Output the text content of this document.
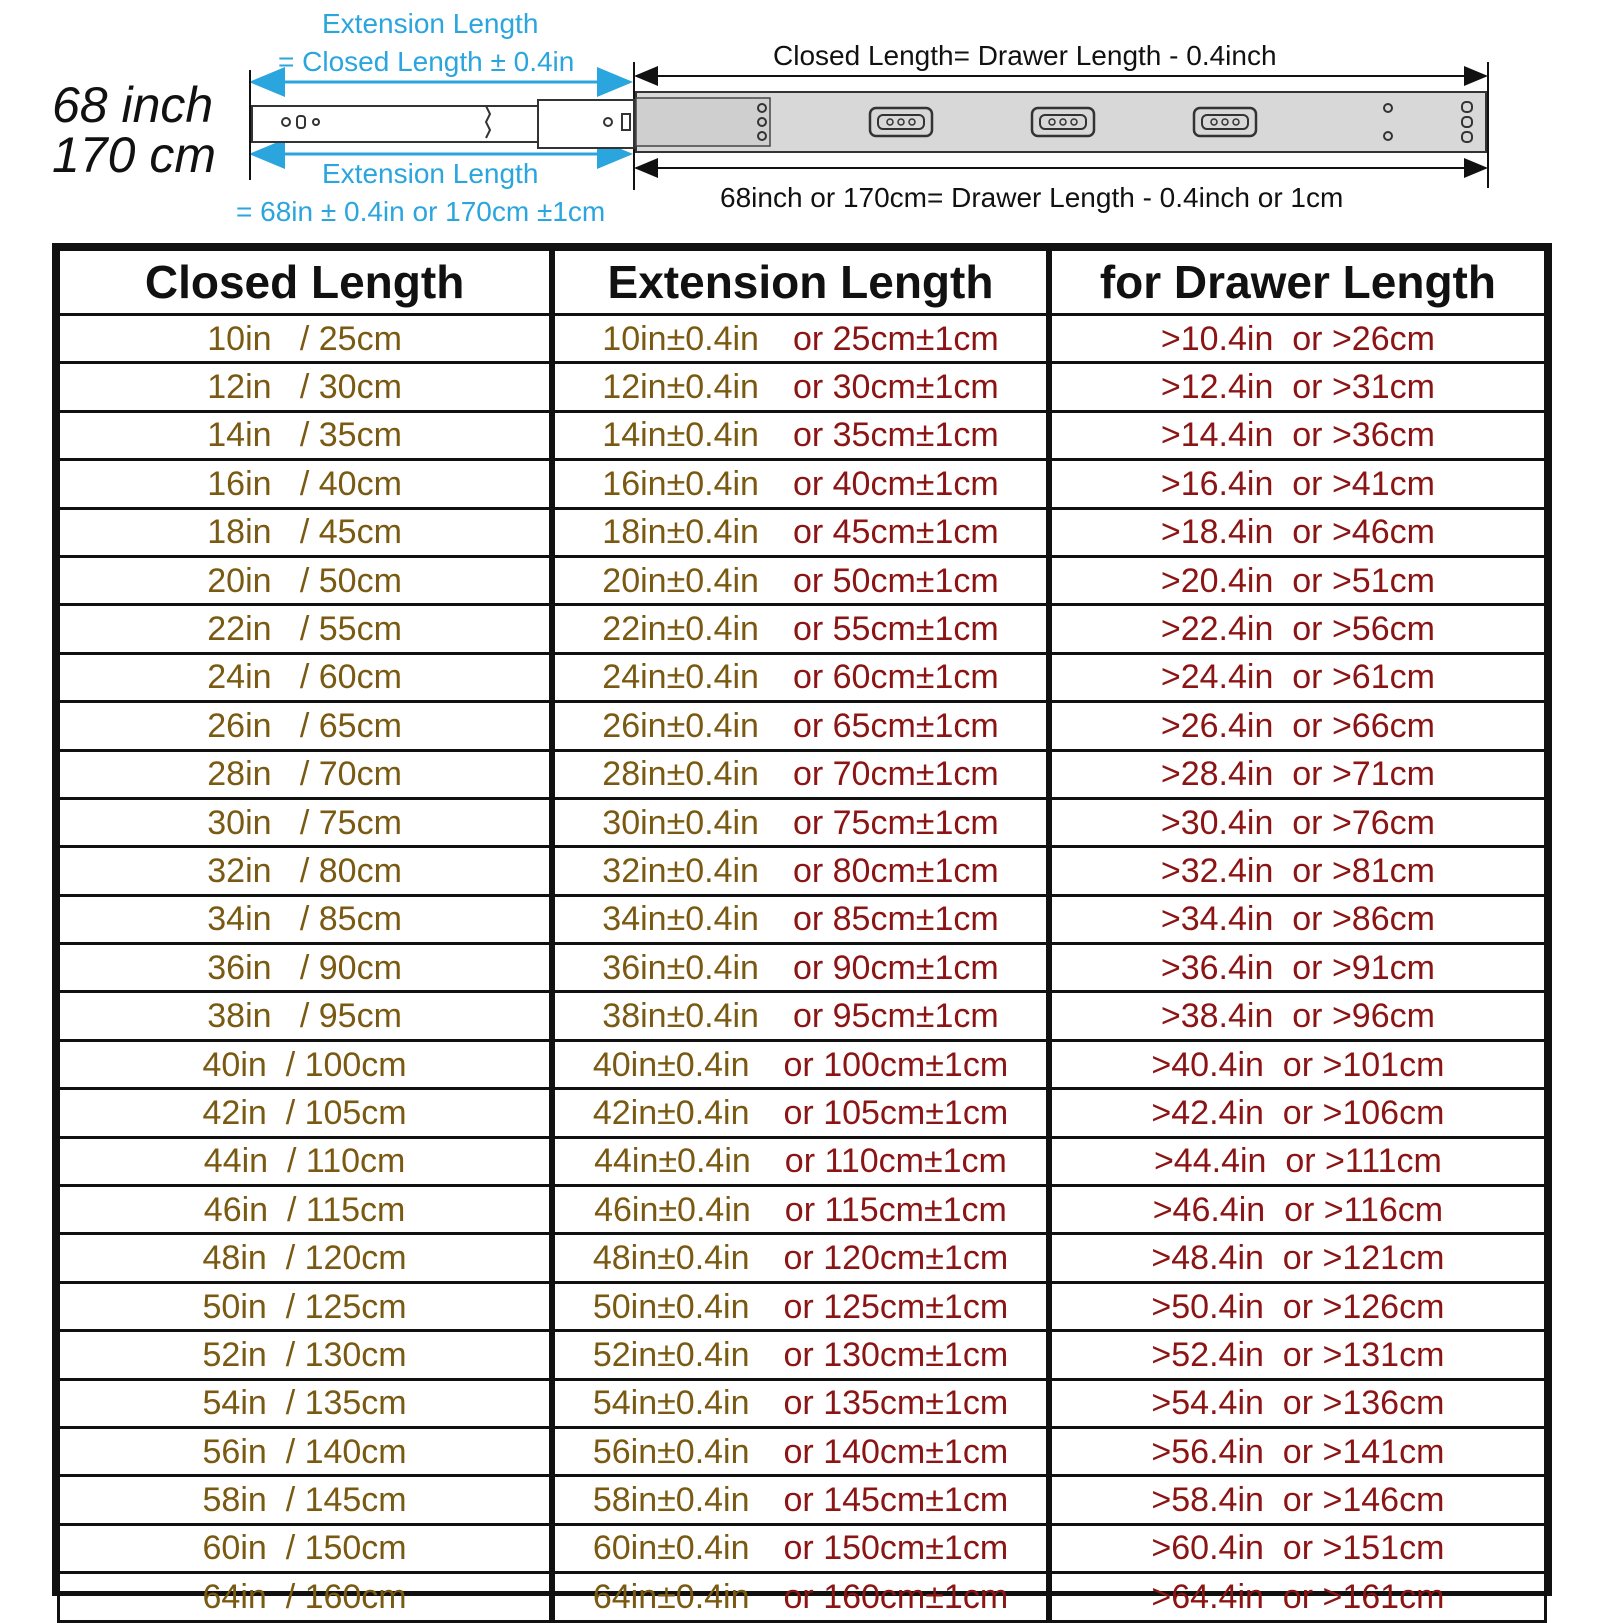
68 inch
170 cm
Extension Length
= Closed Length ± 0.4in
Extension Length
= 68in ± 0.4in or 170cm ±1cm
Closed Length= Drawer Length - 0.4inch
68inch or 170cm= Drawer Length - 0.4inch or 1cm
Closed Length	Extension Length	for Drawer Length
10in   / 25cm	10in±0.4in or 25cm±1cm	>10.4in  or >26cm
12in   / 30cm	12in±0.4in or 30cm±1cm	>12.4in  or >31cm
14in   / 35cm	14in±0.4in or 35cm±1cm	>14.4in  or >36cm
16in   / 40cm	16in±0.4in or 40cm±1cm	>16.4in  or >41cm
18in   / 45cm	18in±0.4in or 45cm±1cm	>18.4in  or >46cm
20in   / 50cm	20in±0.4in or 50cm±1cm	>20.4in  or >51cm
22in   / 55cm	22in±0.4in or 55cm±1cm	>22.4in  or >56cm
24in   / 60cm	24in±0.4in or 60cm±1cm	>24.4in  or >61cm
26in   / 65cm	26in±0.4in or 65cm±1cm	>26.4in  or >66cm
28in   / 70cm	28in±0.4in or 70cm±1cm	>28.4in  or >71cm
30in   / 75cm	30in±0.4in or 75cm±1cm	>30.4in  or >76cm
32in   / 80cm	32in±0.4in or 80cm±1cm	>32.4in  or >81cm
34in   / 85cm	34in±0.4in or 85cm±1cm	>34.4in  or >86cm
36in   / 90cm	36in±0.4in or 90cm±1cm	>36.4in  or >91cm
38in   / 95cm	38in±0.4in or 95cm±1cm	>38.4in  or >96cm
40in  / 100cm	40in±0.4in or 100cm±1cm	>40.4in  or >101cm
42in  / 105cm	42in±0.4in or 105cm±1cm	>42.4in  or >106cm
44in  / 110cm	44in±0.4in or 110cm±1cm	>44.4in  or >111cm
46in  / 115cm	46in±0.4in or 115cm±1cm	>46.4in  or >116cm
48in  / 120cm	48in±0.4in or 120cm±1cm	>48.4in  or >121cm
50in  / 125cm	50in±0.4in or 125cm±1cm	>50.4in  or >126cm
52in  / 130cm	52in±0.4in or 130cm±1cm	>52.4in  or >131cm
54in  / 135cm	54in±0.4in or 135cm±1cm	>54.4in  or >136cm
56in  / 140cm	56in±0.4in or 140cm±1cm	>56.4in  or >141cm
58in  / 145cm	58in±0.4in or 145cm±1cm	>58.4in  or >146cm
60in  / 150cm	60in±0.4in or 150cm±1cm	>60.4in  or >151cm
64in  / 160cm	64in±0.4in or 160cm±1cm	>64.4in  or >161cm
